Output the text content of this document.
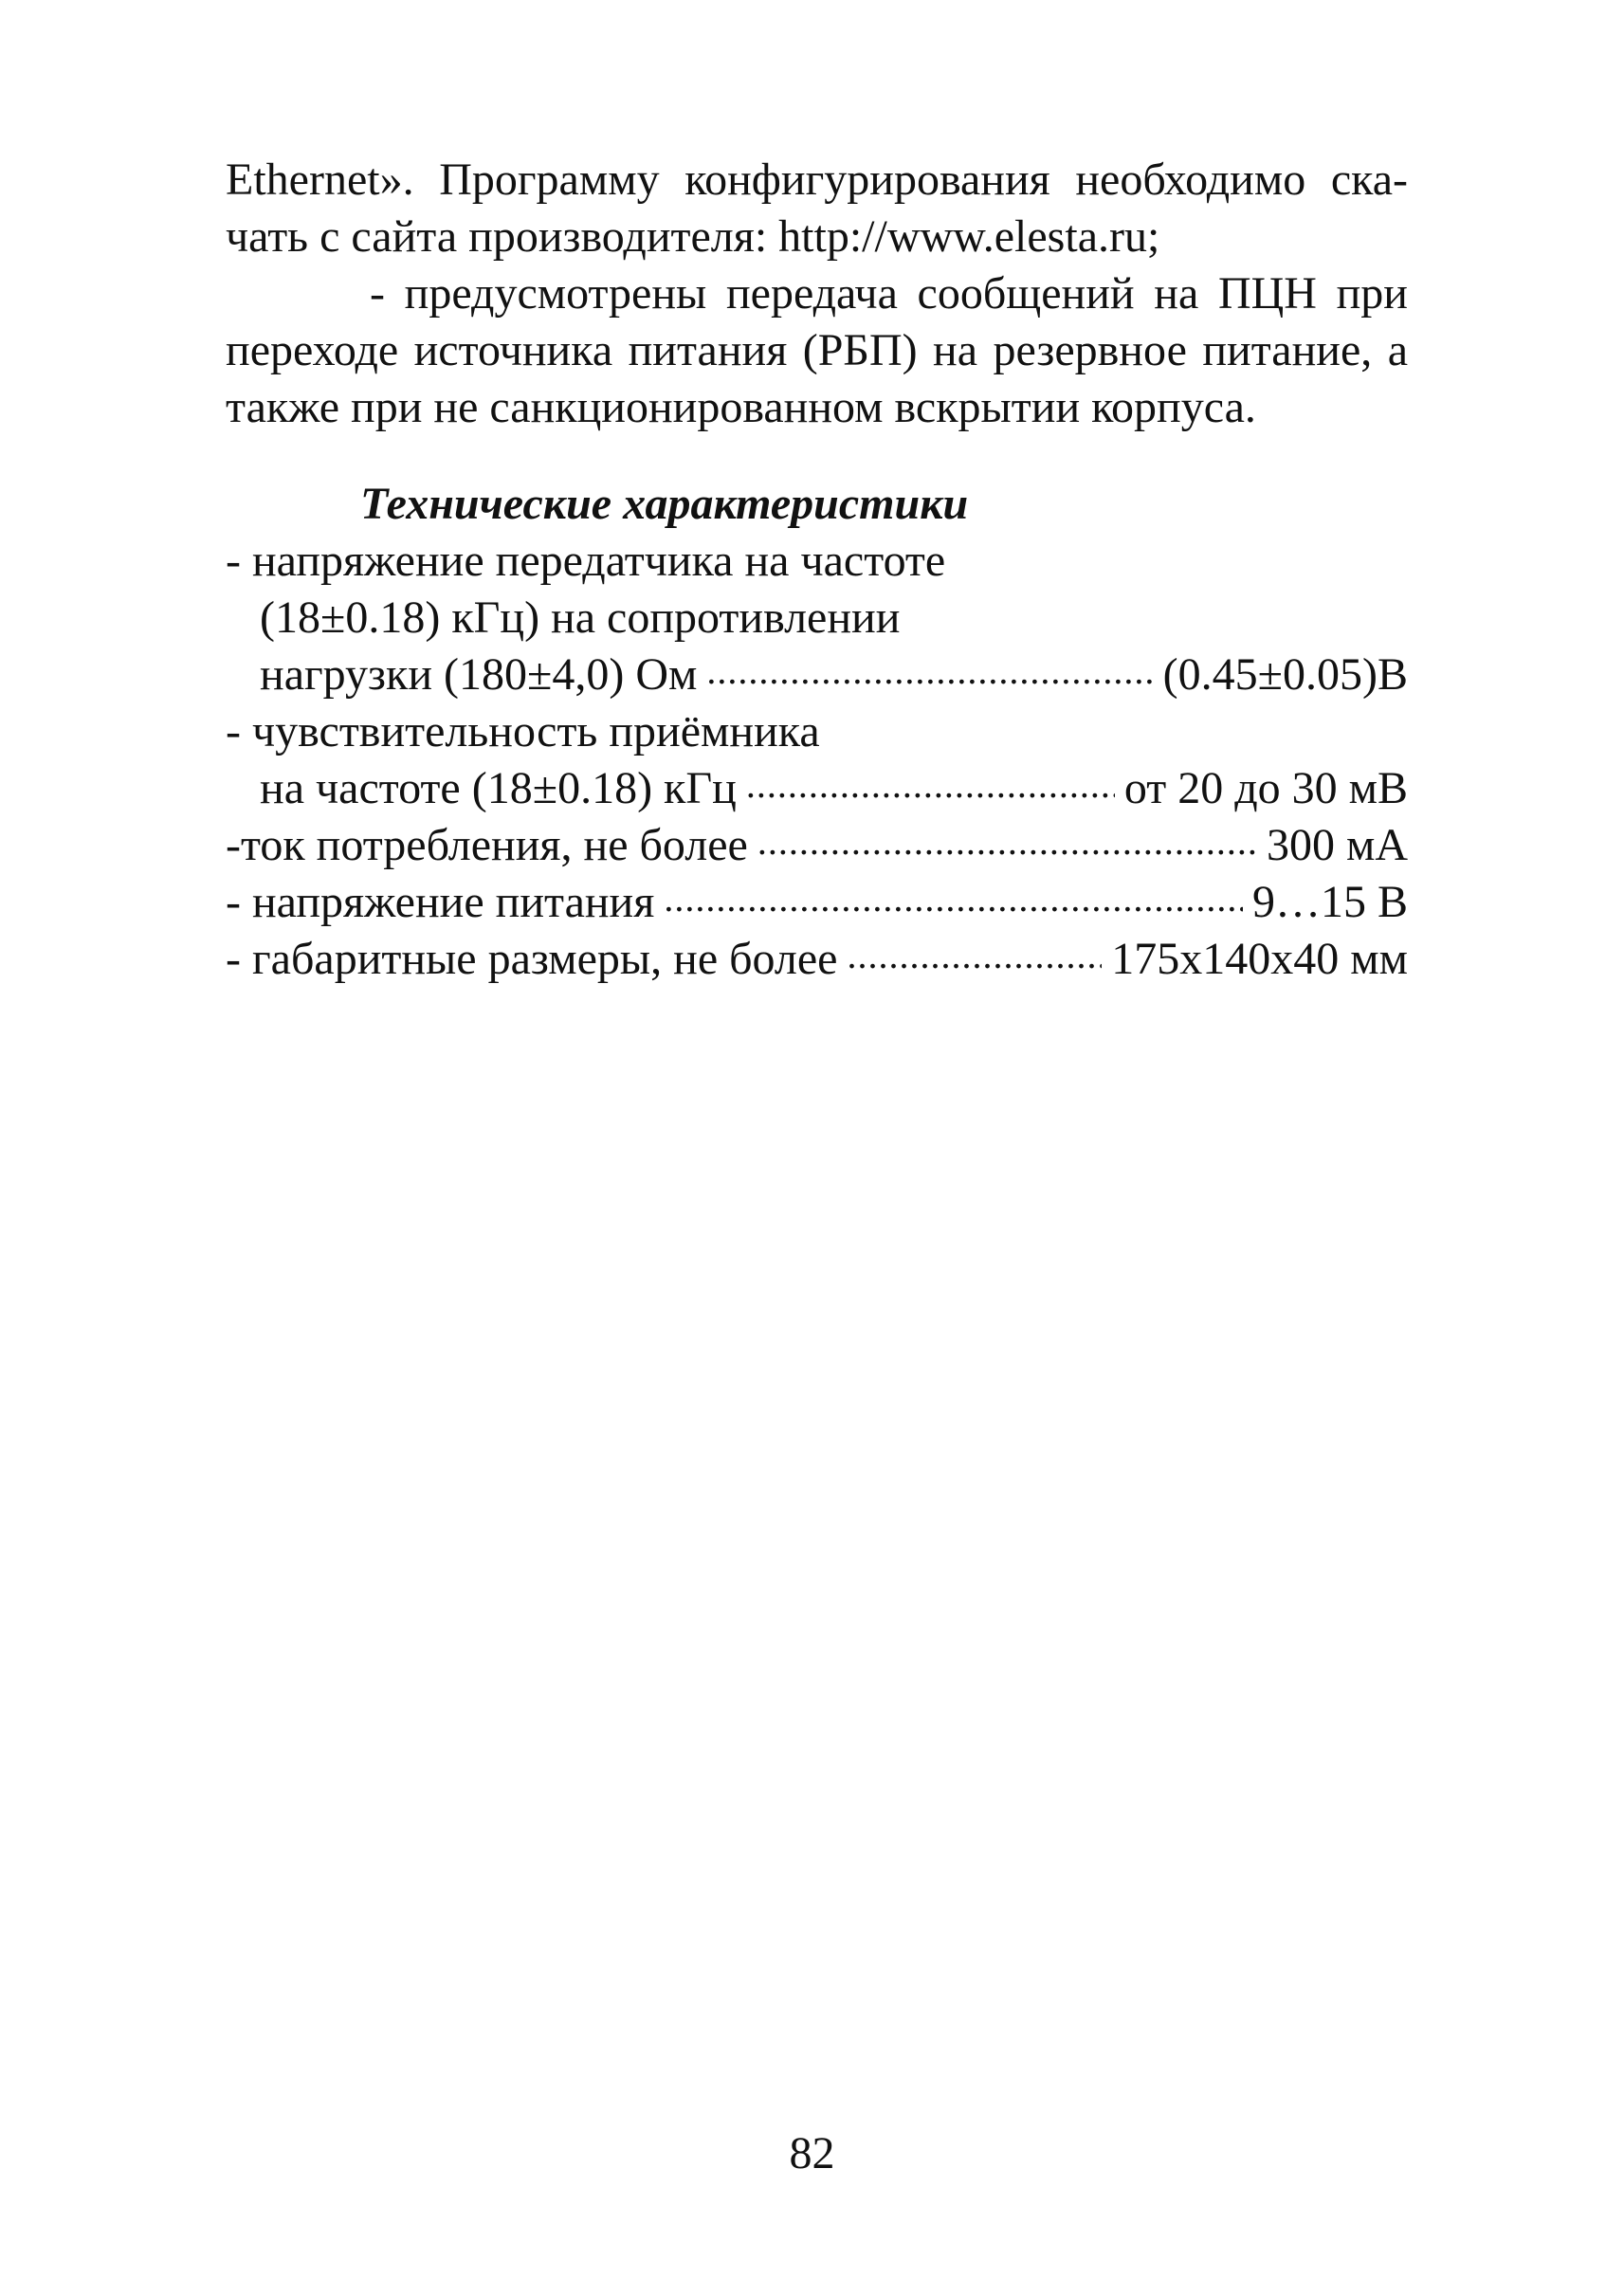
Ethernet». Программу конфигурирования необходимо ска-
чать с сайта производителя: http://www.elesta.ru;
- предусмотрены передача сообщений на ПЦН при
переходе источника питания (РБП) на резервное питание, а
также при не санкционированном вскрытии корпуса.
Технические характеристики
- напряжение передатчика на частоте
(18±0.18) кГц) на сопротивлении
нагрузки (180±4,0) Ом .....	(0.45±0.05)В
- чувствительность приёмника
на частоте (18±0.18) кГц .....	от 20 до 30 мВ
-ток потребления, не более .....	300 мА
- напряжение питания .....	9…15 В
- габаритные размеры, не более .....	175x140x40 мм
82
